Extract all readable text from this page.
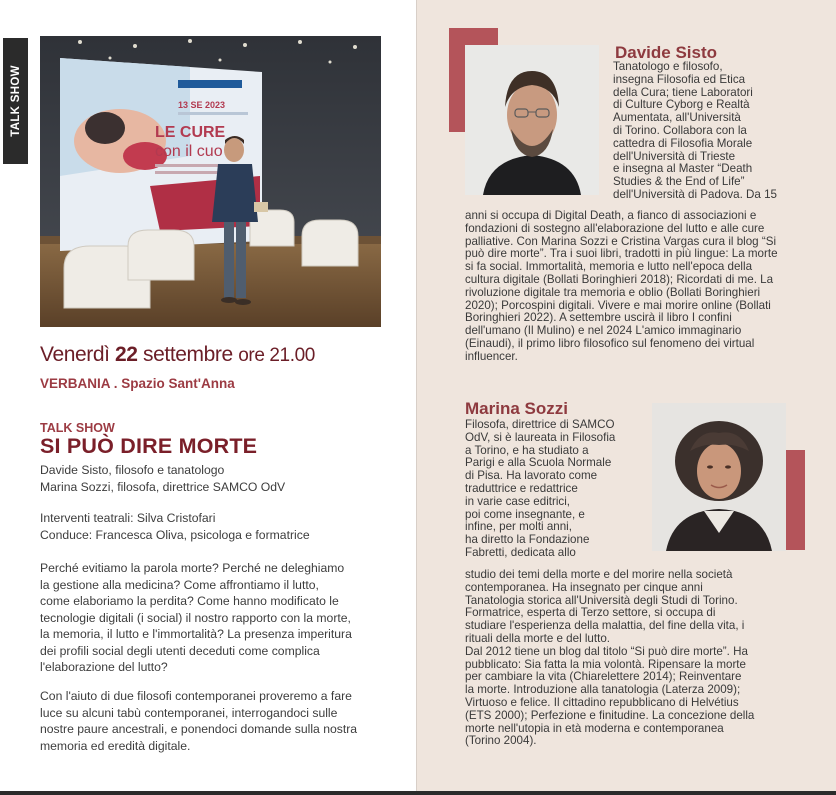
TALK SHOW	13 SE 2023
LE CURE
con il cuo
Venerdì 22 settembre ore 21.00
VERBANIA . Spazio Sant'Anna
TALK SHOW
SI PUÒ DIRE MORTE
Davide Sisto, filosofo e tanatologo
Marina Sozzi, filosofa, direttrice SAMCO OdV
Interventi teatrali: Silva Cristofari
Conduce: Francesca Oliva, psicologa e formatrice
Perché evitiamo la parola morte? Perché ne deleghiamo
la gestione alla medicina? Come affrontiamo il lutto,
come elaboriamo la perdita? Come hanno modificato le
tecnologie digitali (i social) il nostro rapporto con la morte,
la memoria, il lutto e l'immortalità? La presenza imperitura
dei profili social degli utenti deceduti come complica
l'elaborazione del lutto?
Con l'aiuto di due filosofi contemporanei proveremo a fare
luce su alcuni tabù contemporanei, interrogandoci sulle
nostre paure ancestrali, e ponendoci domande sulla nostra
memoria ed eredità digitale.
Davide Sisto

Tanatologo e filosofo,

insegna Filosofia ed Etica

della Cura; tiene Laboratori

di Culture Cyborg e Realtà

Aumentata, all'Università

di Torino. Collabora con la

cattedra di Filosofia Morale

dell'Università di Trieste

e insegna al Master “Death

Studies & the End of Life”

dell'Università di Padova. Da 15

anni si occupa di Digital Death, a fianco di associazioni e

fondazioni di sostegno all'elaborazione del lutto e alle cure

palliative. Con Marina Sozzi e Cristina Vargas cura il blog “Si

può dire morte”. Tra i suoi libri, tradotti in più lingue: La morte

si fa social. Immortalità, memoria e lutto nell'epoca della

cultura digitale (Bollati Boringhieri 2018); Ricordati di me. La

rivoluzione digitale tra memoria e oblio (Bollati Boringhieri

2020); Porcospini digitali. Vivere e mai morire online (Bollati

Boringhieri 2022). A settembre uscirà il libro I confini

dell'umano (Il Mulino) e nel 2024 L'amico immaginario

(Einaudi), il primo libro filosofico sul fenomeno dei virtual

influencer.

Marina Sozzi

Filosofa, direttrice di SAMCO

OdV, si è laureata in Filosofia

a Torino, e ha studiato a

Parigi e alla Scuola Normale

di Pisa. Ha lavorato come

traduttrice e redattrice

in varie case editrici,

poi come insegnante, e

infine, per molti anni,

ha diretto la Fondazione

Fabretti, dedicata allo

studio dei temi della morte e del morire nella società

contemporanea. Ha insegnato per cinque anni

Tanatologia storica all'Università degli Studi di Torino.

Formatrice, esperta di Terzo settore, si occupa di

studiare l'esperienza della malattia, del fine della vita, i

rituali della morte e del lutto.

Dal 2012 tiene un blog dal titolo “Si può dire morte”. Ha

pubblicato: Sia fatta la mia volontà. Ripensare la morte

per cambiare la vita (Chiarelettere 2014); Reinventare

la morte. Introduzione alla tanatologia (Laterza 2009);

Virtuoso e felice. Il cittadino repubblicano di Helvétius

(ETS 2000); Perfezione e finitudine. La concezione della

morte nell'utopia in età moderna e contemporanea

(Torino 2004).
